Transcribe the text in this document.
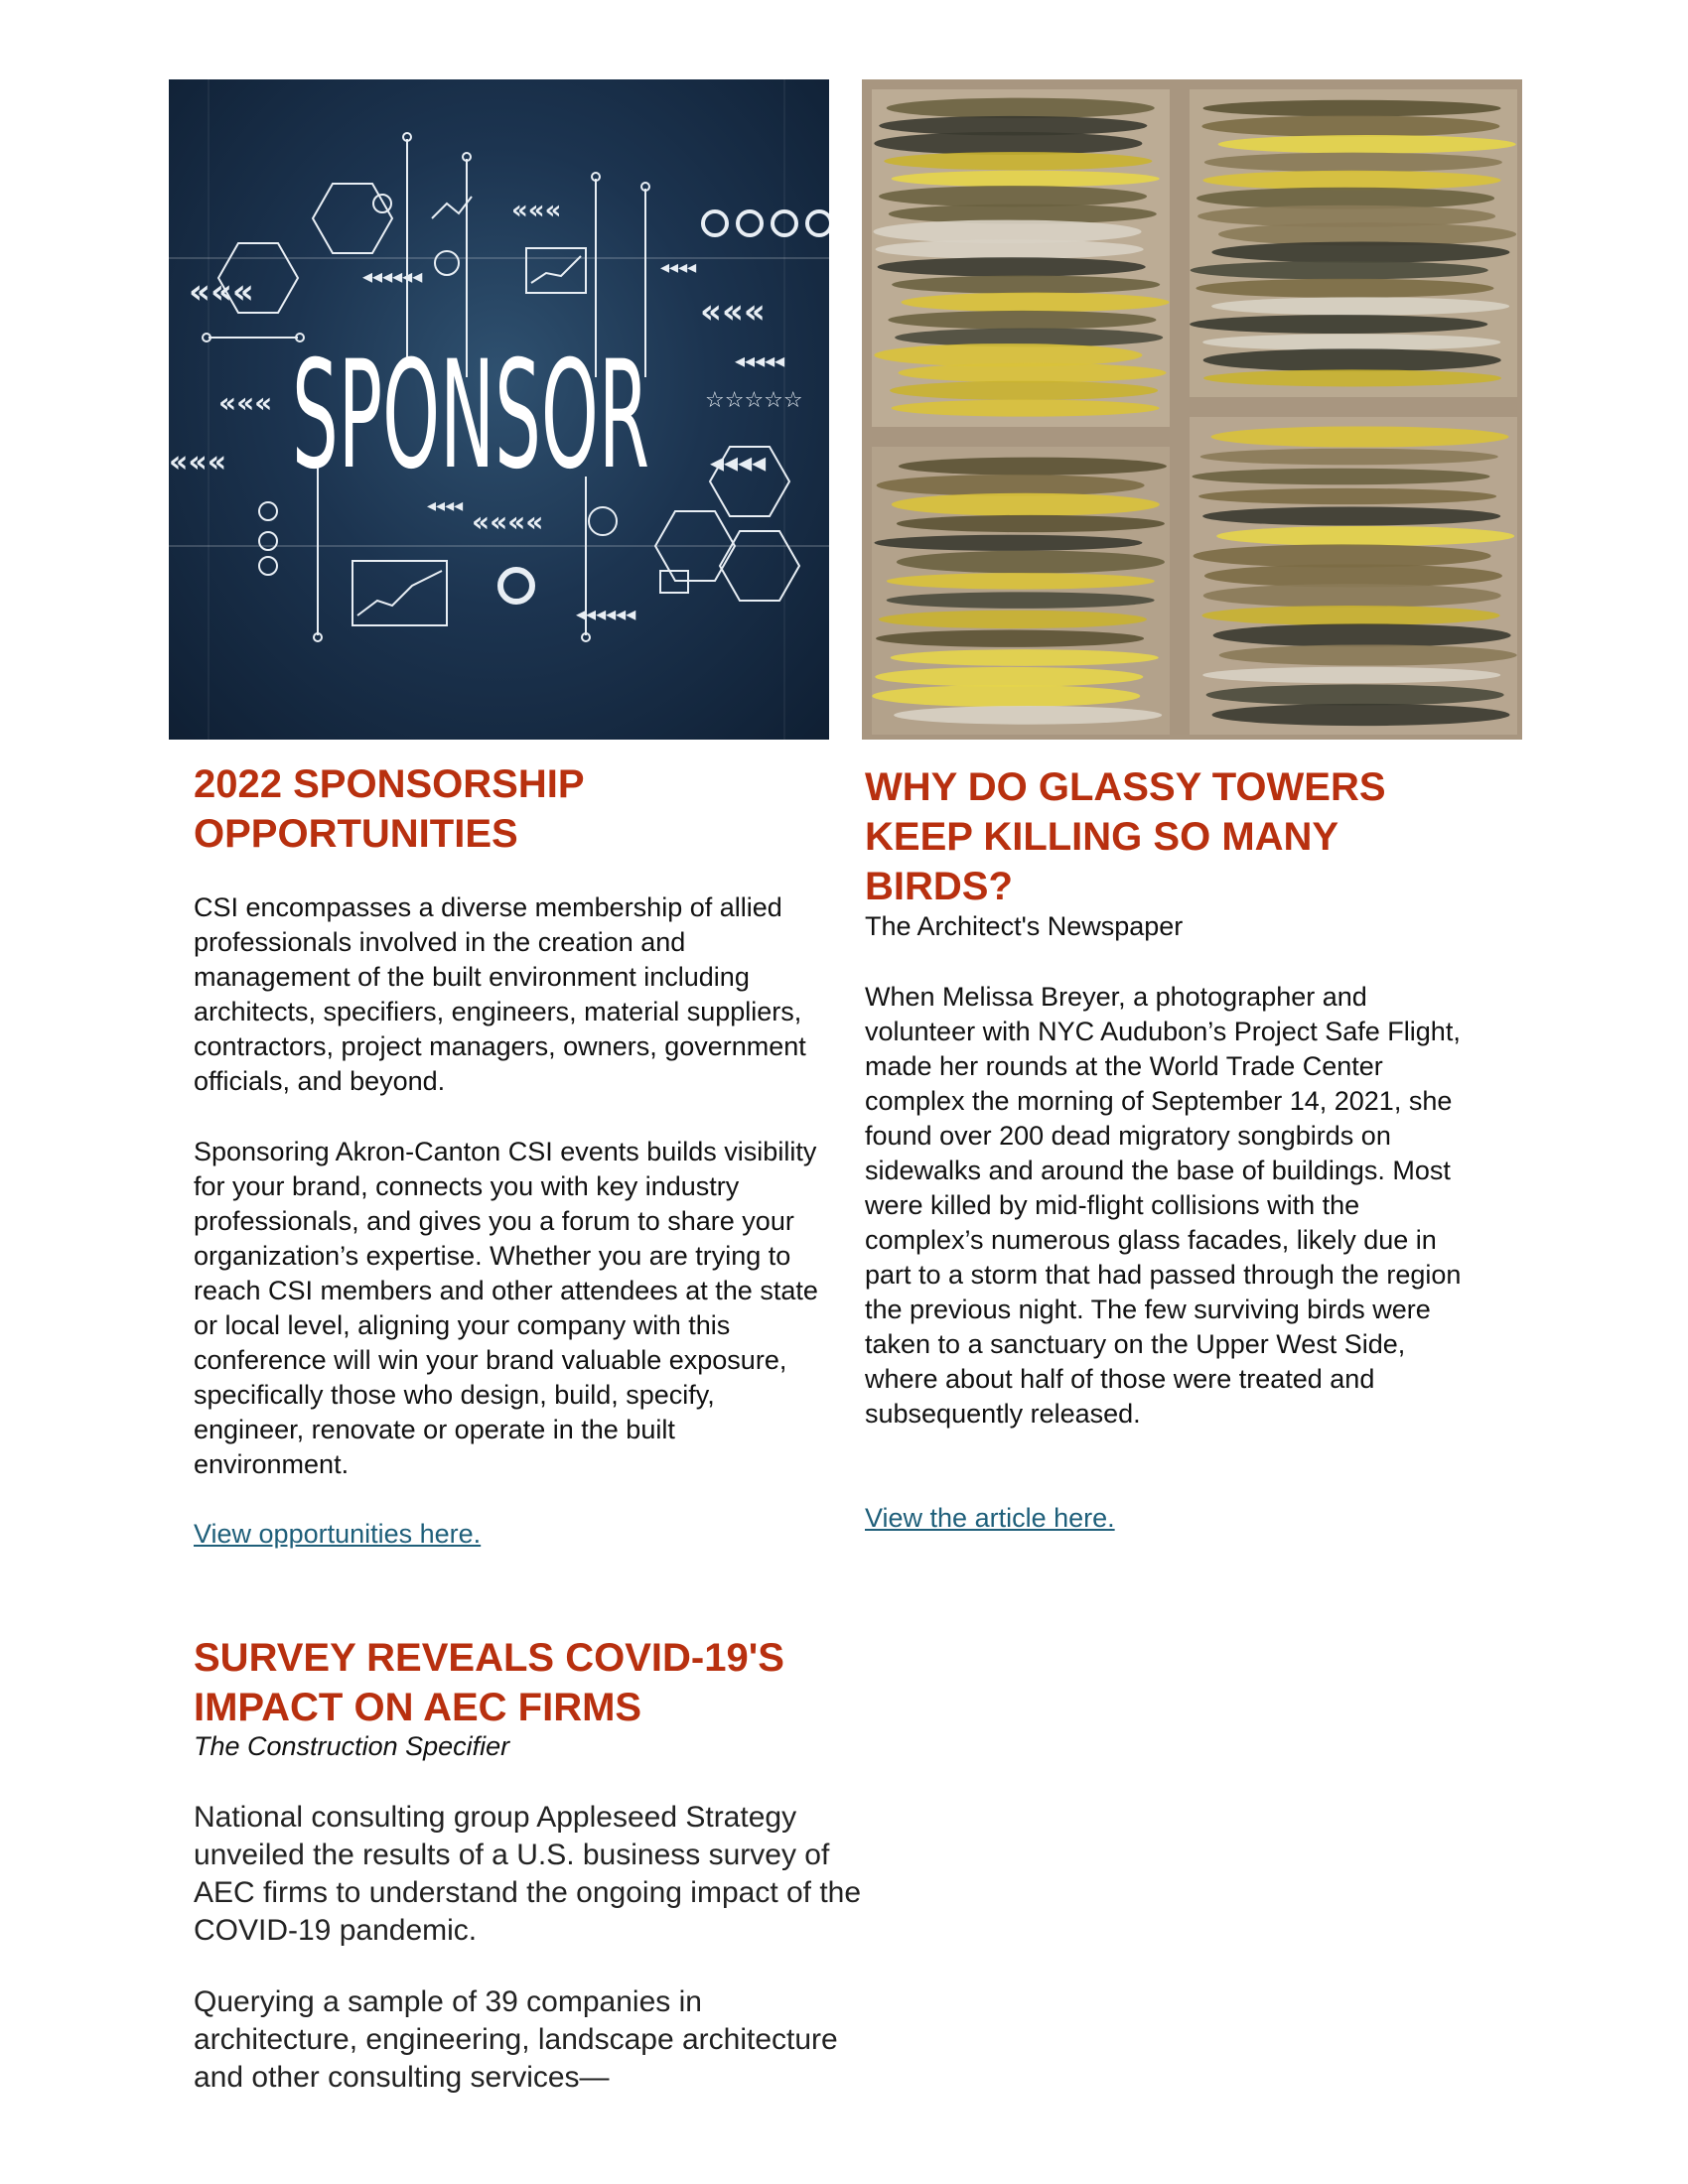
«««
◂◂◂◂◂◂	◂◂◂◂
«««	«««
◂◂◂◂◂
«««
«««	◂◂◂◂
◂◂◂◂ ««««
◂◂◂◂◂◂
☆☆☆☆☆
SPONSOR
2022 SPONSORSHIP OPPORTUNITIES

CSI encompasses a diverse membership of allied professionals involved in the creation and management of the built environment including architects, specifiers, engineers, material suppliers, contractors, project managers, owners, government officials, and beyond.

Sponsoring Akron-Canton CSI events builds visibility for your brand, connects you with key industry professionals, and gives you a forum to share your organization’s expertise. Whether you are trying to reach CSI members and other attendees at the state or local level, aligning your company with this conference will win your brand valuable exposure, specifically those who design, build, specify, engineer, renovate or operate in the built environment.

View opportunities here.
WHY DO GLASSY TOWERS KEEP KILLING SO MANY BIRDS?

The Architect's Newspaper

When Melissa Breyer, a photographer and volunteer with NYC Audubon’s Project Safe Flight, made her rounds at the World Trade Center complex the morning of September 14, 2021, she found over 200 dead migratory songbirds on sidewalks and around the base of buildings. Most were killed by mid-flight collisions with the complex’s numerous glass facades, likely due in part to a storm that had passed through the region the previous night. The few surviving birds were taken to a sanctuary on the Upper West Side, where about half of those were treated and subsequently released.

View the article here.
SURVEY REVEALS COVID-19'S IMPACT ON AEC FIRMS

The Construction Specifier

National consulting group Appleseed Strategy unveiled the results of a U.S. business survey of AEC firms to understand the ongoing impact of the COVID-19 pandemic.

Querying a sample of 39 companies in architecture, engineering, landscape architecture and other consulting services—
